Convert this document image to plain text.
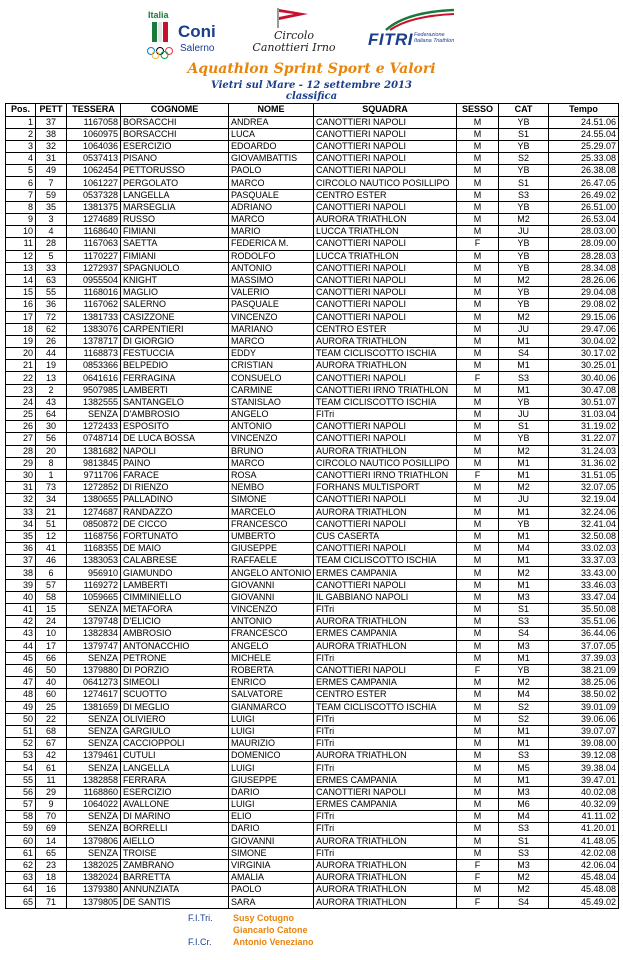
Italia
Coni
Salerno
Circolo
Canottieri Irno	FITRI Federazione
Italiana Triathlon
Aquathlon Sprint Sport e Valori
Vietri sul Mare - 12 settembre 2013
classifica
Pos.	PETT	TESSERA	COGNOME	NOME	SQUADRA	SESSO	CAT	Tempo
1	37	1167058	BORSACCHI	ANDREA	CANOTTIERI NAPOLI	M	YB	24.51.06
2	38	1060975	BORSACCHI	LUCA	CANOTTIERI NAPOLI	M	S1	24.55.04
3	32	1064036	ESERCIZIO	EDOARDO	CANOTTIERI NAPOLI	M	YB	25.29.07
4	31	0537413	PISANO	GIOVAMBATTIS	CANOTTIERI NAPOLI	M	S2	25.33.08
5	49	1062454	PETTORUSSO	PAOLO	CANOTTIERI NAPOLI	M	YB	26.38.08
6	7	1061227	PERGOLATO	MARCO	CIRCOLO NAUTICO POSILLIPO	M	S1	26.47.05
7	59	0537328	LANGELLA	PASQUALE	CENTRO ESTER	M	S3	26.49.02
8	35	1381375	MARSEGLIA	ADRIANO	CANOTTIERI NAPOLI	M	YB	26.51.00
9	3	1274689	RUSSO	MARCO	AURORA TRIATHLON	M	M2	26.53.04
10	4	1168640	FIMIANI	MARIO	LUCCA TRIATHLON	M	JU	28.03.00
11	28	1167063	SAETTA	FEDERICA M.	CANOTTIERI NAPOLI	F	YB	28.09.00
12	5	1170227	FIMIANI	RODOLFO	LUCCA TRIATHLON	M	YB	28.28.03
13	33	1272937	SPAGNUOLO	ANTONIO	CANOTTIERI NAPOLI	M	YB	28.34.08
14	63	0955504	KNIGHT	MASSIMO	CANOTTIERI NAPOLI	M	M2	28.26.06
15	55	1168016	MAGLIO	VALERIO	CANOTTIERI NAPOLI	M	YB	29.04.08
16	36	1167062	SALERNO	PASQUALE	CANOTTIERI NAPOLI	M	YB	29.08.02
17	72	1381733	CASIZZONE	VINCENZO	CANOTTIERI NAPOLI	M	M2	29.15.06
18	62	1383076	CARPENTIERI	MARIANO	CENTRO ESTER	M	JU	29.47.06
19	26	1378717	DI GIORGIO	MARCO	AURORA TRIATHLON	M	M1	30.04.02
20	44	1168873	FESTUCCIA	EDDY	TEAM CICLISCOTTO ISCHIA	M	S4	30.17.02
21	19	0853366	BELPEDIO	CRISTIAN	AURORA TRIATHLON	M	M1	30.25.01
22	13	0641616	FERRAGINA	CONSUELO	CANOTTIERI NAPOLI	F	S3	30.40.06
23	2	9507985	LAMBERTI	CARMINE	CANOTTIERI IRNO TRIATHLON	M	M1	30.47.08
24	43	1382555	SANTANGELO	STANISLAO	TEAM CICLISCOTTO ISCHIA	M	YB	30.51.07
25	64	SENZA	D'AMBROSIO	ANGELO	FITri	M	JU	31.03.04
26	30	1272433	ESPOSITO	ANTONIO	CANOTTIERI NAPOLI	M	S1	31.19.02
27	56	0748714	DE LUCA BOSSA	VINCENZO	CANOTTIERI NAPOLI	M	YB	31.22.07
28	20	1381682	NAPOLI	BRUNO	AURORA TRIATHLON	M	M2	31.24.03
29	8	9813845	PAINO	MARCO	CIRCOLO NAUTICO POSILLIPO	M	M1	31.36.02
30	1	9711706	FARACE	ROSA	CANOTTIERI IRNO TRIATHLON	F	M1	31.51.05
31	73	1272852	DI RIENZO	NEMBO	FORHANS MULTISPORT	M	M2	32.07.05
32	34	1380655	PALLADINO	SIMONE	CANOTTIERI NAPOLI	M	JU	32.19.04
33	21	1274687	RANDAZZO	MARCELO	AURORA TRIATHLON	M	M1	32.24.06
34	51	0850872	DE CICCO	FRANCESCO	CANOTTIERI NAPOLI	M	YB	32.41.04
35	12	1168756	FORTUNATO	UMBERTO	CUS CASERTA	M	M1	32.50.08
36	41	1168355	DE MAIO	GIUSEPPE	CANOTTIERI NAPOLI	M	M4	33.02.03
37	46	1383053	CALABRESE	RAFFAELE	TEAM CICLISCOTTO ISCHIA	M	M1	33.37.03
38	6	956910	GIAMUNDO	ANGELO ANTONIO	ERMES CAMPANIA	M	M2	33.43.00
39	57	1169272	LAMBERTI	GIOVANNI	CANOTTIERI NAPOLI	M	M1	33.46.03
40	58	1059665	CIMMINIELLO	GIOVANNI	IL GABBIANO NAPOLI	M	M3	33.47.04
41	15	SENZA	METAFORA	VINCENZO	FITri	M	S1	35.50.08
42	24	1379748	D'ELICIO	ANTONIO	AURORA TRIATHLON	M	S3	35.51.06
43	10	1382834	AMBROSIO	FRANCESCO	ERMES CAMPANIA	M	S4	36.44.06
44	17	1379747	ANTONACCHIO	ANGELO	AURORA TRIATHLON	M	M3	37.07.05
45	66	SENZA	PETRONE	MICHELE	FITri	M	M1	37.39.03
46	50	1379880	DI PORZIO	ROBERTA	CANOTTIERI NAPOLI	F	YB	38.21.09
47	40	0641273	SIMEOLI	ENRICO	ERMES CAMPANIA	M	M2	38.25.06
48	60	1274617	SCUOTTO	SALVATORE	CENTRO ESTER	M	M4	38.50.02
49	25	1381659	DI MEGLIO	GIANMARCO	TEAM CICLISCOTTO ISCHIA	M	S2	39.01.09
50	22	SENZA	OLIVIERO	LUIGI	FITri	M	S2	39.06.06
51	68	SENZA	GARGIULO	LUIGI	FITri	M	M1	39.07.07
52	67	SENZA	CACCIOPPOLI	MAURIZIO	FITri	M	M1	39.08.00
53	42	1379461	CUTULI	DOMENICO	AURORA TRIATHLON	M	S3	39.12.08
54	61	SENZA	LANGELLA	LUIGI	FITri	M	M5	39.38.04
55	11	1382858	FERRARA	GIUSEPPE	ERMES CAMPANIA	M	M1	39.47.01
56	29	1168860	ESERCIZIO	DARIO	CANOTTIERI NAPOLI	M	M3	40.02.08
57	9	1064022	AVALLONE	LUIGI	ERMES CAMPANIA	M	M6	40.32.09
58	70	SENZA	DI MARINO	ELIO	FITri	M	M4	41.11.02
59	69	SENZA	BORRELLI	DARIO	FITri	M	S3	41.20.01
60	14	1379806	AIELLO	GIOVANNI	AURORA TRIATHLON	M	S1	41.48.05
61	65	SENZA	TROISE	SIMONE	FITri	M	S3	42.02.08
62	23	1382025	ZAMBRANO	VIRGINIA	AURORA TRIATHLON	F	M3	42.06.04
63	18	1382024	BARRETTA	AMALIA	AURORA TRIATHLON	F	M2	45.48.04
64	16	1379380	ANNUNZIATA	PAOLO	AURORA TRIATHLON	M	M2	45.48.08
65	71	1379805	DE SANTIS	SARA	AURORA TRIATHLON	F	S4	45.49.02
F.I.Tri. Susy Cotugno
Giancarlo Catone
F.I.Cr. Antonio Veneziano
